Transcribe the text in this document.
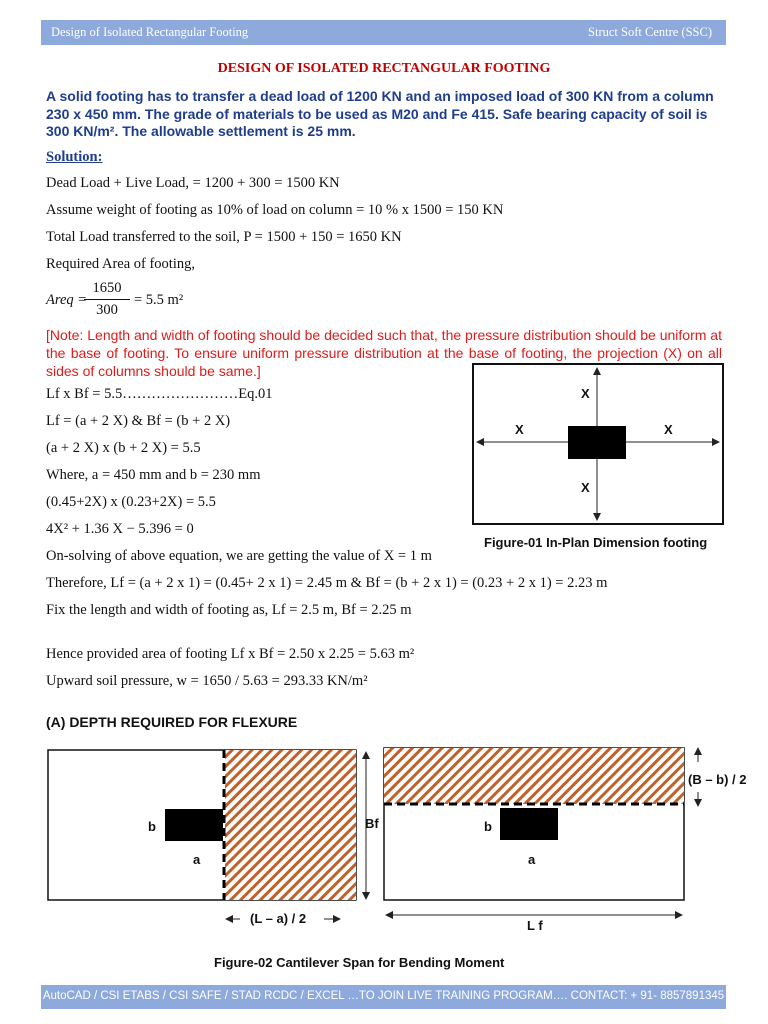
Design of Isolated Rectangular Footing	Struct Soft Centre (SSC)
DESIGN OF ISOLATED RECTANGULAR FOOTING
A solid footing has to transfer a dead load of 1200 KN and an imposed load of 300 KN from a column 230 x 450 mm. The grade of materials to be used as M20 and Fe 415. Safe bearing capacity of soil is 300 KN/m². The allowable settlement is 25 mm.
Solution:
Dead Load + Live Load, = 1200 + 300 = 1500 KN
Assume weight of footing as 10% of load on column = 10 % x 1500 = 150 KN
Total Load transferred to the soil, P = 1500 + 150 = 1650 KN
Required Area of footing,
Areq =
1650
300
= 5.5 m²
[Note: Length and width of footing should be decided such that, the pressure distribution should be uniform at the base of footing. To ensure uniform pressure distribution at the base of footing, the projection (X) on all sides of columns should be same.]
Lf x Bf = 5.5……………………Eq.01
Lf = (a + 2 X) & Bf = (b + 2 X)
(a + 2 X) x (b + 2 X) = 5.5
Where, a = 450 mm and b = 230 mm
(0.45+2X) x (0.23+2X) = 5.5
4X² + 1.36 X − 5.396 = 0
On-solving of above equation, we are getting the value of X = 1 m
Therefore, Lf = (a + 2 x 1) = (0.45+ 2 x 1) = 2.45 m & Bf = (b + 2 x 1) = (0.23 + 2 x 1) = 2.23 m
Fix the length and width of footing as, Lf = 2.5 m, Bf = 2.25 m
Hence provided area of footing Lf x Bf = 2.50 x 2.25 = 5.63 m²
Upward soil pressure, w = 1650 / 5.63 = 293.33 KN/m²
X
X	X
X
Figure-01 In-Plan Dimension footing
(A) DEPTH REQUIRED FOR FLEXURE
b
a
(L – a) / 2
Bf	b
a
L f
(B – b) / 2
Figure-02 Cantilever Span for Bending Moment
AutoCAD / CSI ETABS / CSI SAFE / STAD RCDC / EXCEL …TO JOIN LIVE TRAINING PROGRAM…. CONTACT: + 91- 8857891345
